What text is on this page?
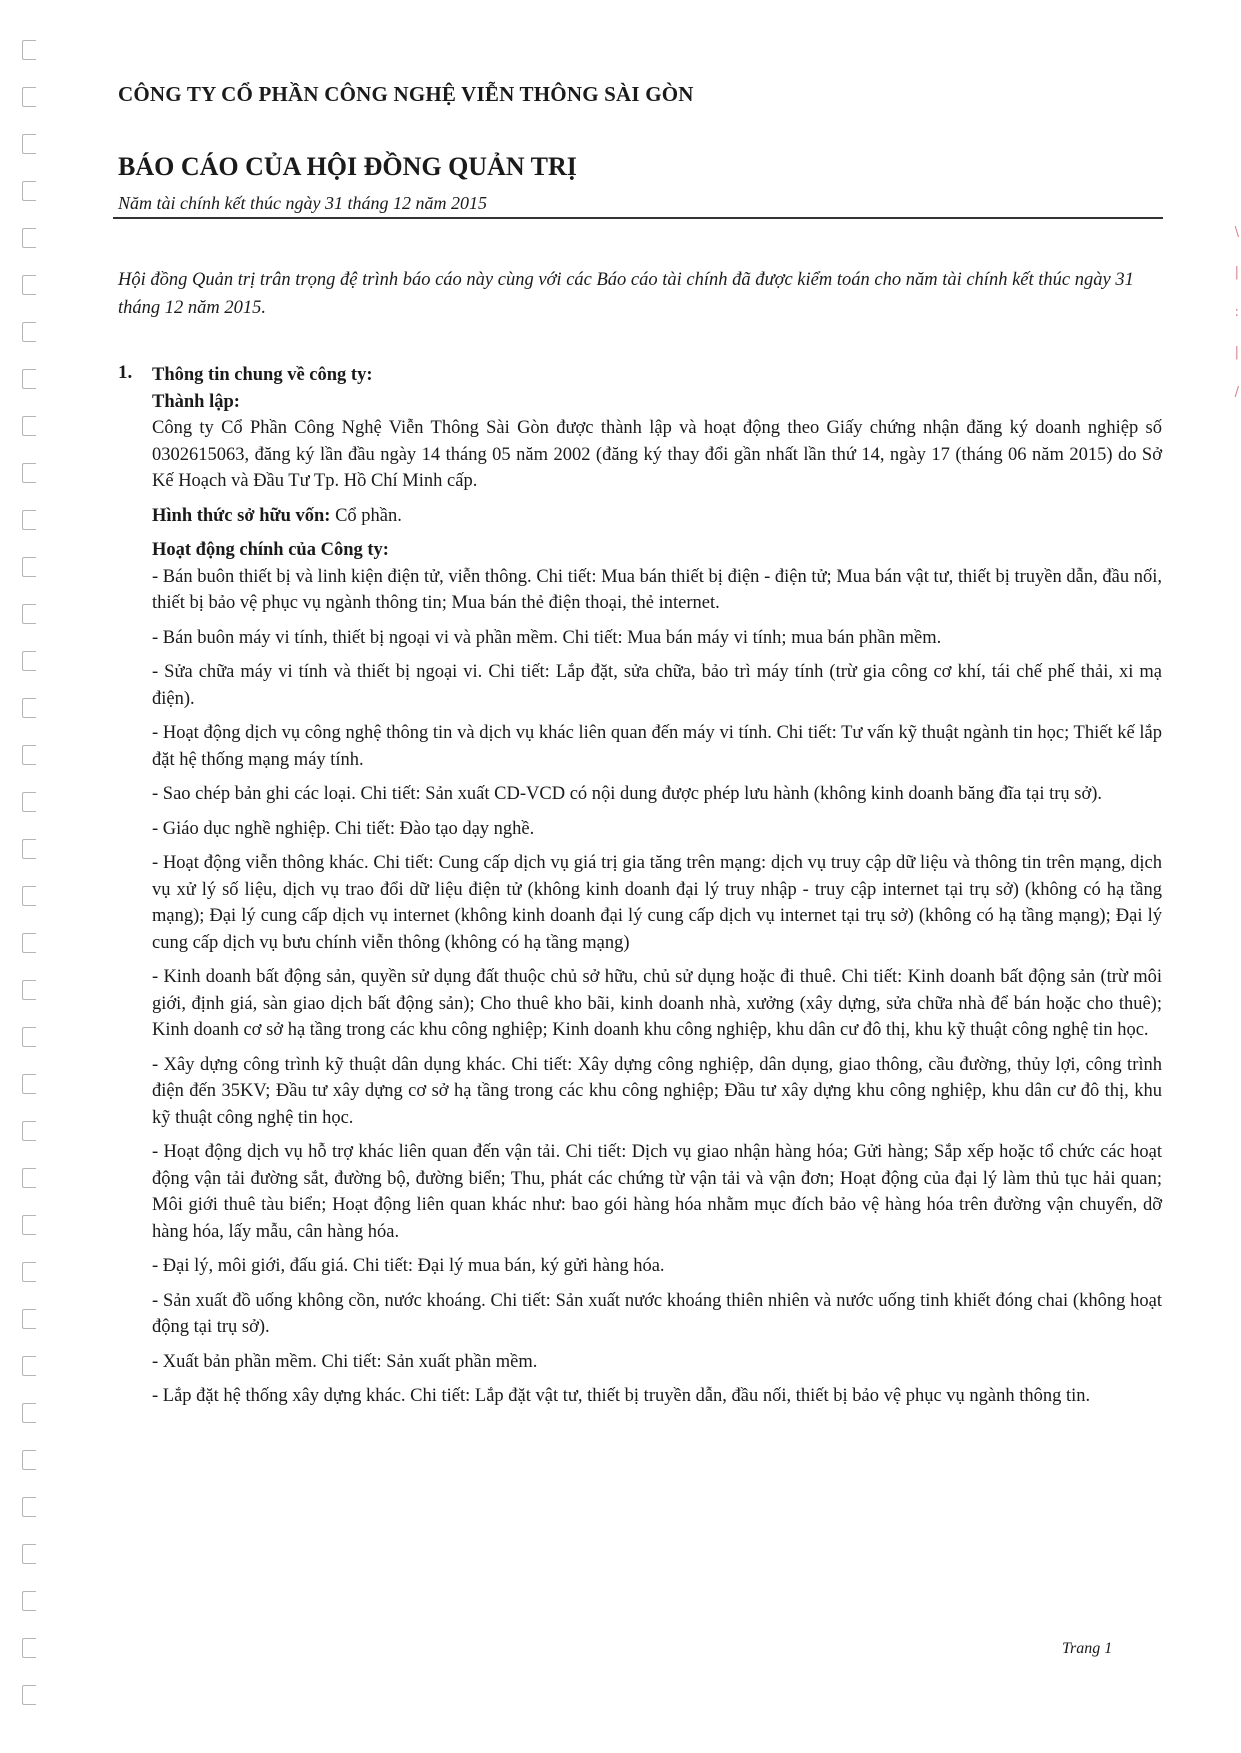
\
|
:
|
/
CÔNG TY CỔ PHẦN CÔNG NGHỆ VIỄN THÔNG SÀI GÒN
BÁO CÁO CỦA HỘI ĐỒNG QUẢN TRỊ
Năm tài chính kết thúc ngày 31 tháng 12 năm 2015
Hội đồng Quản trị trân trọng đệ trình báo cáo này cùng với các Báo cáo tài chính đã được kiểm toán cho năm tài chính kết thúc ngày 31 tháng 12 năm 2015.
1. Thông tin chung về công ty:
Thành lập:

Công ty Cổ Phần Công Nghệ Viễn Thông Sài Gòn được thành lập và hoạt động theo Giấy chứng nhận đăng ký doanh nghiệp số 0302615063, đăng ký lần đầu ngày 14 tháng 05 năm 2002 (đăng ký thay đổi gần nhất lần thứ 14, ngày 17 (tháng 06 năm 2015) do Sở Kế Hoạch và Đầu Tư Tp. Hồ Chí Minh cấp.

Hình thức sở hữu vốn: Cổ phần.

Hoạt động chính của Công ty:

- Bán buôn thiết bị và linh kiện điện tử, viễn thông. Chi tiết: Mua bán thiết bị điện - điện tử; Mua bán vật tư, thiết bị truyền dẫn, đầu nối, thiết bị bảo vệ phục vụ ngành thông tin; Mua bán thẻ điện thoại, thẻ internet.

- Bán buôn máy vi tính, thiết bị ngoại vi và phần mềm. Chi tiết: Mua bán máy vi tính; mua bán phần mềm.

- Sửa chữa máy vi tính và thiết bị ngoại vi. Chi tiết: Lắp đặt, sửa chữa, bảo trì máy tính (trừ gia công cơ khí, tái chế phế thải, xi mạ điện).

- Hoạt động dịch vụ công nghệ thông tin và dịch vụ khác liên quan đến máy vi tính. Chi tiết: Tư vấn kỹ thuật ngành tin học; Thiết kế lắp đặt hệ thống mạng máy tính.

- Sao chép bản ghi các loại. Chi tiết: Sản xuất CD-VCD có nội dung được phép lưu hành (không kinh doanh băng đĩa tại trụ sở).

- Giáo dục nghề nghiệp. Chi tiết: Đào tạo dạy nghề.

- Hoạt động viễn thông khác. Chi tiết: Cung cấp dịch vụ giá trị gia tăng trên mạng: dịch vụ truy cập dữ liệu và thông tin trên mạng, dịch vụ xử lý số liệu, dịch vụ trao đổi dữ liệu điện tử (không kinh doanh đại lý truy nhập - truy cập internet tại trụ sở) (không có hạ tầng mạng); Đại lý cung cấp dịch vụ internet (không kinh doanh đại lý cung cấp dịch vụ internet tại trụ sở) (không có hạ tầng mạng); Đại lý cung cấp dịch vụ bưu chính viễn thông (không có hạ tầng mạng)

- Kinh doanh bất động sản, quyền sử dụng đất thuộc chủ sở hữu, chủ sử dụng hoặc đi thuê. Chi tiết: Kinh doanh bất động sản (trừ môi giới, định giá, sàn giao dịch bất động sản); Cho thuê kho bãi, kinh doanh nhà, xưởng (xây dựng, sửa chữa nhà để bán hoặc cho thuê); Kinh doanh cơ sở hạ tầng trong các khu công nghiệp; Kinh doanh khu công nghiệp, khu dân cư đô thị, khu kỹ thuật công nghệ tin học.

- Xây dựng công trình kỹ thuật dân dụng khác. Chi tiết: Xây dựng công nghiệp, dân dụng, giao thông, cầu đường, thủy lợi, công trình điện đến 35KV; Đầu tư xây dựng cơ sở hạ tầng trong các khu công nghiệp; Đầu tư xây dựng khu công nghiệp, khu dân cư đô thị, khu kỹ thuật công nghệ tin học.

- Hoạt động dịch vụ hỗ trợ khác liên quan đến vận tải. Chi tiết: Dịch vụ giao nhận hàng hóa; Gửi hàng; Sắp xếp hoặc tổ chức các hoạt động vận tải đường sắt, đường bộ, đường biển; Thu, phát các chứng từ vận tải và vận đơn; Hoạt động của đại lý làm thủ tục hải quan; Môi giới thuê tàu biển; Hoạt động liên quan khác như: bao gói hàng hóa nhằm mục đích bảo vệ hàng hóa trên đường vận chuyển, dỡ hàng hóa, lấy mẫu, cân hàng hóa.

- Đại lý, môi giới, đấu giá. Chi tiết: Đại lý mua bán, ký gửi hàng hóa.

- Sản xuất đồ uống không cồn, nước khoáng. Chi tiết: Sản xuất nước khoáng thiên nhiên và nước uống tinh khiết đóng chai (không hoạt động tại trụ sở).

- Xuất bản phần mềm. Chi tiết: Sản xuất phần mềm.

- Lắp đặt hệ thống xây dựng khác. Chi tiết: Lắp đặt vật tư, thiết bị truyền dẫn, đầu nối, thiết bị bảo vệ phục vụ ngành thông tin.

Trang 1
